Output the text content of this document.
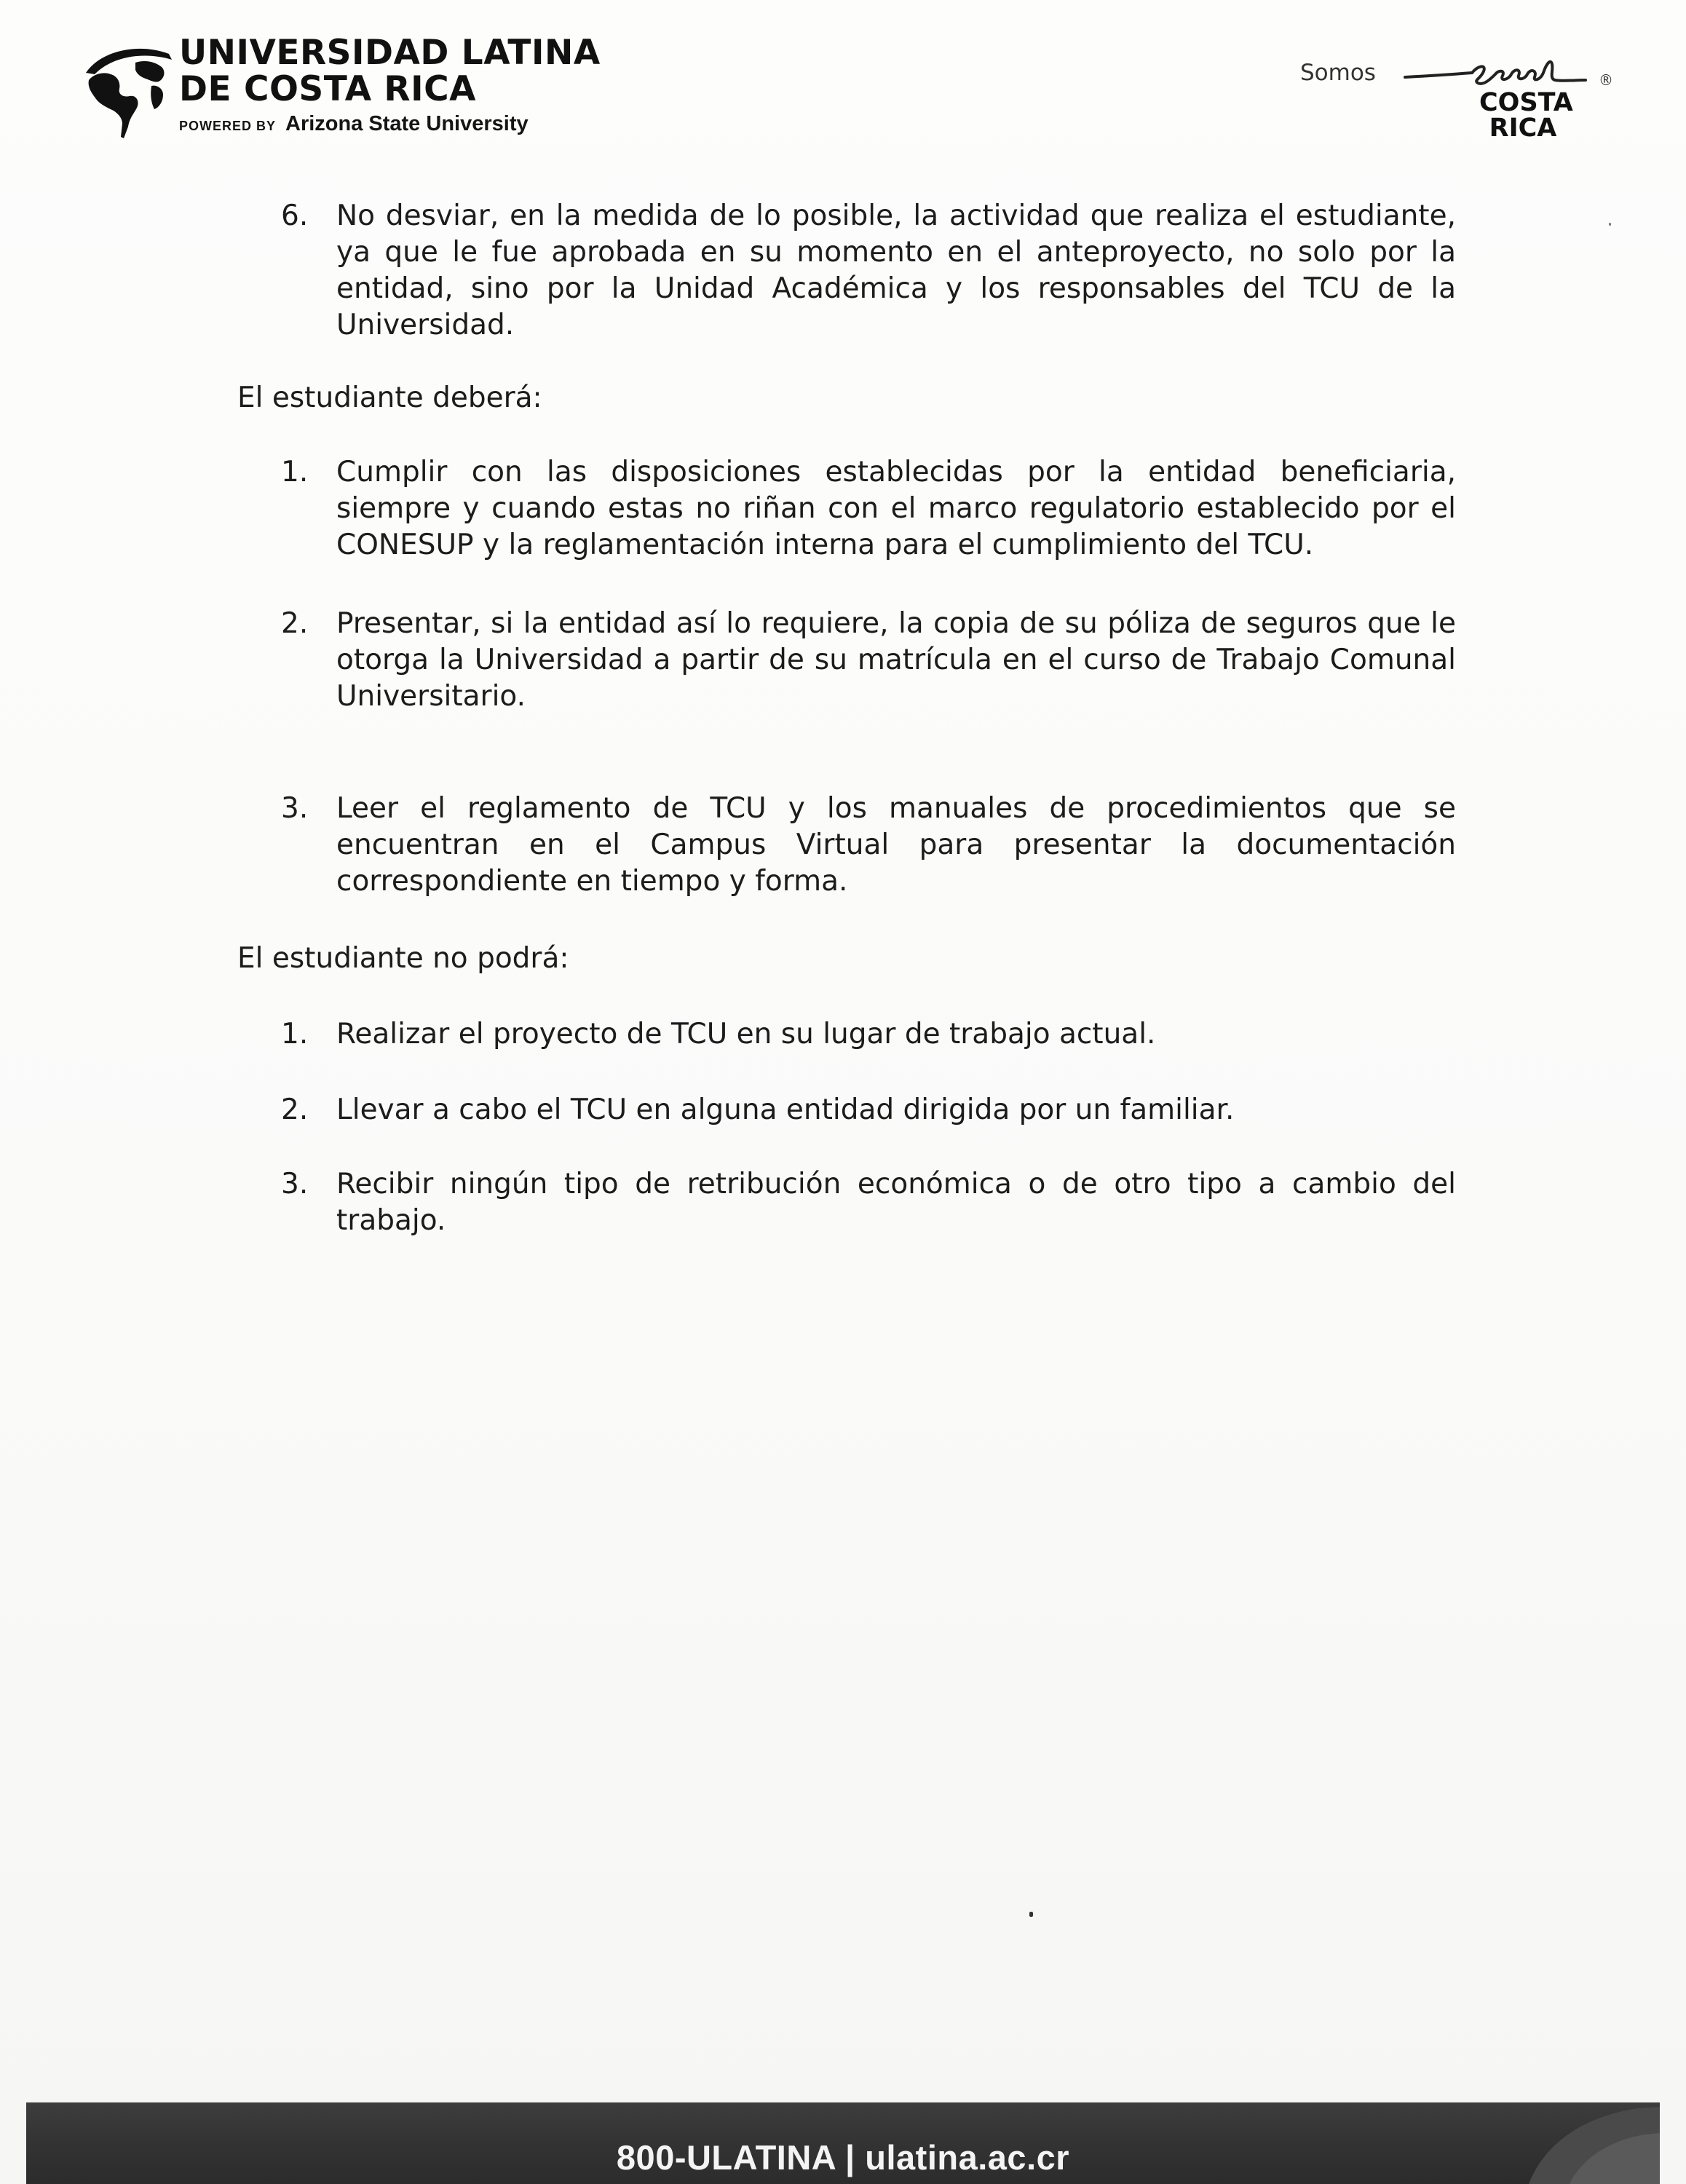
UNIVERSIDAD LATINA
DE COSTA RICA
POWERED BY Arizona State University
Somos	®
COSTA
RICA
6. No desviar, en la medida de lo posible, la actividad que realiza el estudiante, ya que le fue aprobada en su momento en el anteproyecto, no solo por la entidad, sino por la Unidad Académica y los responsables del TCU de la Universidad.
El estudiante deberá:
1. Cumplir con las disposiciones establecidas por la entidad beneficiaria, siempre y cuando estas no riñan con el marco regulatorio establecido por el CONESUP y la reglamentación interna para el cumplimiento del TCU.
2. Presentar, si la entidad así lo requiere, la copia de su póliza de seguros que le otorga la Universidad a partir de su matrícula en el curso de Trabajo Comunal Universitario.
3. Leer el reglamento de TCU y los manuales de procedimientos que se encuentran en el Campus Virtual para presentar la documentación correspondiente en tiempo y forma.
El estudiante no podrá:
1. Realizar el proyecto de TCU en su lugar de trabajo actual.
2. Llevar a cabo el TCU en alguna entidad dirigida por un familiar.
3. Recibir ningún tipo de retribución económica o de otro tipo a cambio del trabajo.
800-ULATINA | ulatina.ac.cr
